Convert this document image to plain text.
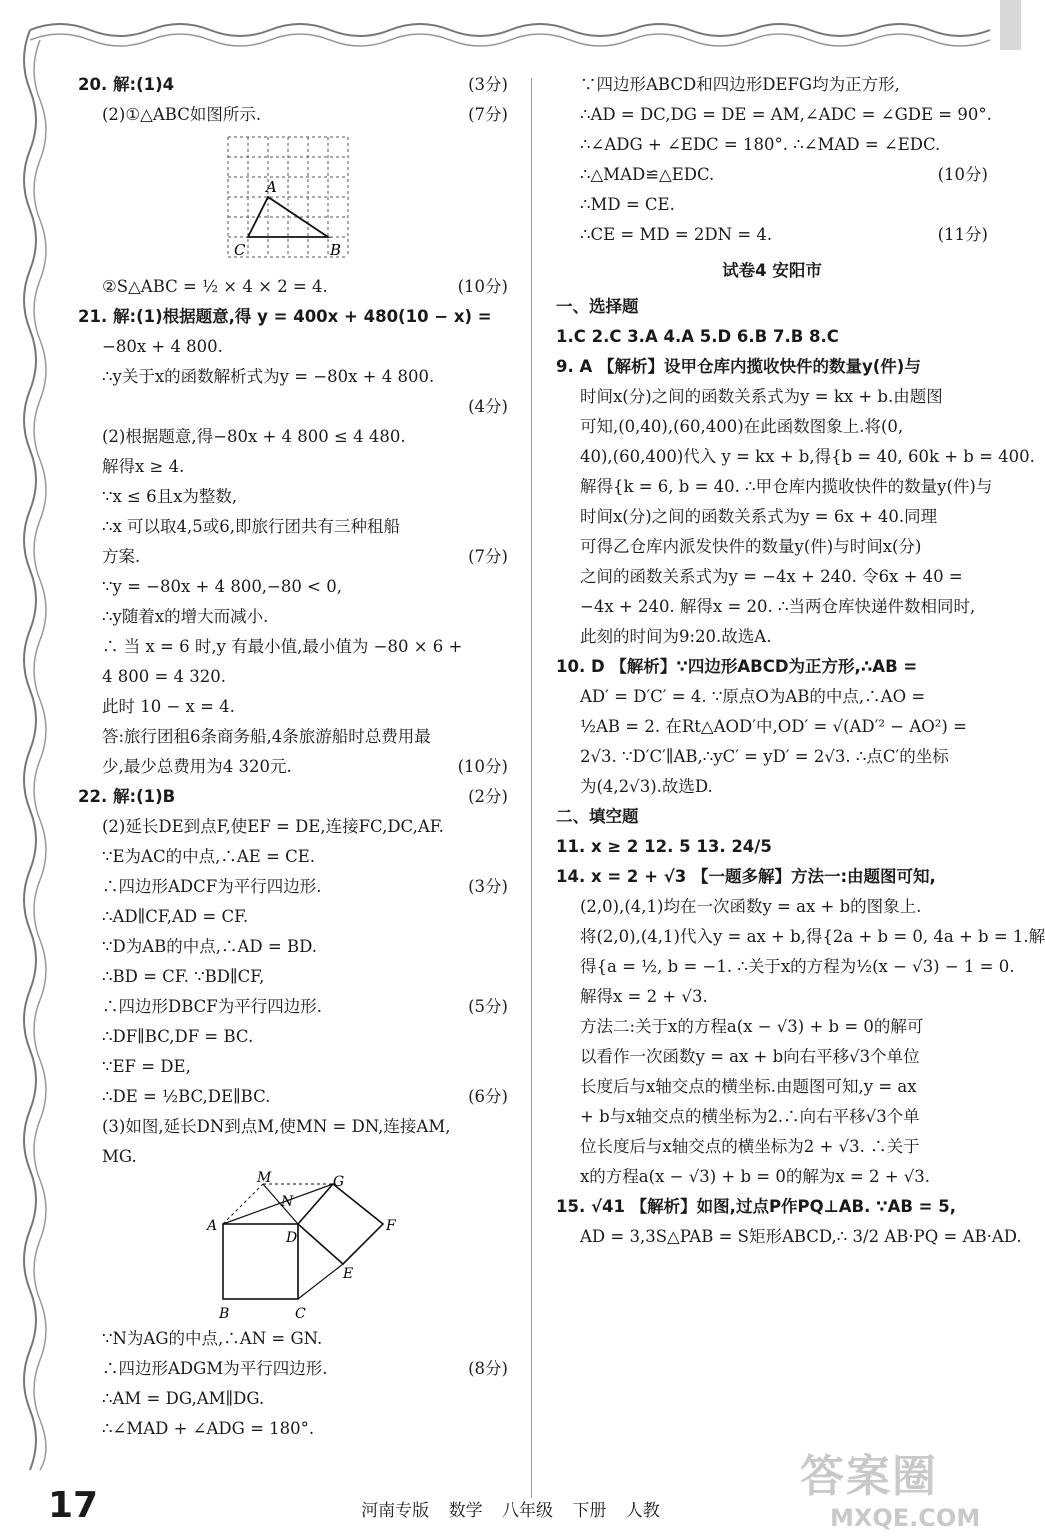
20. 解:(1)4	(3分)
(2)①△ABC如图所示.	(7分)
A
C	B
②S△ABC = ½ × 4 × 2 = 4.	(10分)
21. 解:(1)根据题意,得 y = 400x + 480(10 − x) =
−80x + 4 800.
∴y关于x的函数解析式为y = −80x + 4 800.
(4分)
(2)根据题意,得−80x + 4 800 ≤ 4 480.
解得x ≥ 4.
∵x ≤ 6且x为整数,
∴x 可以取4,5或6,即旅行团共有三种租船
方案.	(7分)
∵y = −80x + 4 800,−80 < 0,
∴y随着x的增大而减小.
∴ 当 x = 6 时,y 有最小值,最小值为 −80 × 6 +
4 800 = 4 320.
此时 10 − x = 4.
答:旅行团租6条商务船,4条旅游船时总费用最
少,最少总费用为4 320元.	(10分)
22. 解:(1)B	(2分)
(2)延长DE到点F,使EF = DE,连接FC,DC,AF.
∵E为AC的中点,∴AE = CE.
∴四边形ADCF为平行四边形.	(3分)
∴AD∥CF,AD = CF.
∵D为AB的中点,∴AD = BD.
∴BD = CF. ∵BD∥CF,
∴四边形DBCF为平行四边形.	(5分)
∴DF∥BC,DF = BC.
∵EF = DE,
∴DE = ½BC,DE∥BC.	(6分)
(3)如图,延长DN到点M,使MN = DN,连接AM,
MG.
M	G
N
A
D
F
E
B	C
∵N为AG的中点,∴AN = GN.
∴四边形ADGM为平行四边形.	(8分)
∴AM = DG,AM∥DG.
∴∠MAD + ∠ADG = 180°.
∵四边形ABCD和四边形DEFG均为正方形,
∴AD = DC,DG = DE = AM,∠ADC = ∠GDE = 90°.
∴∠ADG + ∠EDC = 180°. ∴∠MAD = ∠EDC.
∴△MAD≌△EDC.	(10分)
∴MD = CE.
∴CE = MD = 2DN = 4.	(11分)
试卷4 安阳市
一、选择题
1.C 2.C 3.A 4.A 5.D 6.B 7.B 8.C
9. A 【解析】设甲仓库内揽收快件的数量y(件)与
时间x(分)之间的函数关系式为y = kx + b.由题图
可知,(0,40),(60,400)在此函数图象上.将(0,
40),(60,400)代入 y = kx + b,得{b = 40, 60k + b = 400.
解得{k = 6, b = 40. ∴甲仓库内揽收快件的数量y(件)与
时间x(分)之间的函数关系式为y = 6x + 40.同理
可得乙仓库内派发快件的数量y(件)与时间x(分)
之间的函数关系式为y = −4x + 240. 令6x + 40 =
−4x + 240. 解得x = 20. ∴当两仓库快递件数相同时,
此刻的时间为9:20.故选A.
10. D 【解析】∵四边形ABCD为正方形,∴AB =
AD′ = D′C′ = 4. ∵原点O为AB的中点,∴AO =
½AB = 2. 在Rt△AOD′中,OD′ = √(AD′² − AO²) =
2√3. ∵D′C′∥AB,∴yC′ = yD′ = 2√3. ∴点C′的坐标
为(4,2√3).故选D.
二、填空题
11. x ≥ 2 12. 5 13. 24/5
14. x = 2 + √3 【一题多解】方法一:由题图可知,
(2,0),(4,1)均在一次函数y = ax + b的图象上.
将(2,0),(4,1)代入y = ax + b,得{2a + b = 0, 4a + b = 1.解
得{a = ½, b = −1. ∴关于x的方程为½(x − √3) − 1 = 0.
解得x = 2 + √3.
方法二:关于x的方程a(x − √3) + b = 0的解可
以看作一次函数y = ax + b向右平移√3个单位
长度后与x轴交点的横坐标.由题图可知,y = ax
+ b与x轴交点的横坐标为2.∴向右平移√3个单
位长度后与x轴交点的横坐标为2 + √3. ∴关于
x的方程a(x − √3) + b = 0的解为x = 2 + √3.
15. √41 【解析】如图,过点P作PQ⊥AB. ∵AB = 5,
AD = 3,3S△PAB = S矩形ABCD,∴ 3/2 AB·PQ = AB·AD.
17	河南专版 数学 八年级 下册 人教
答案圈
MXQE.COM
